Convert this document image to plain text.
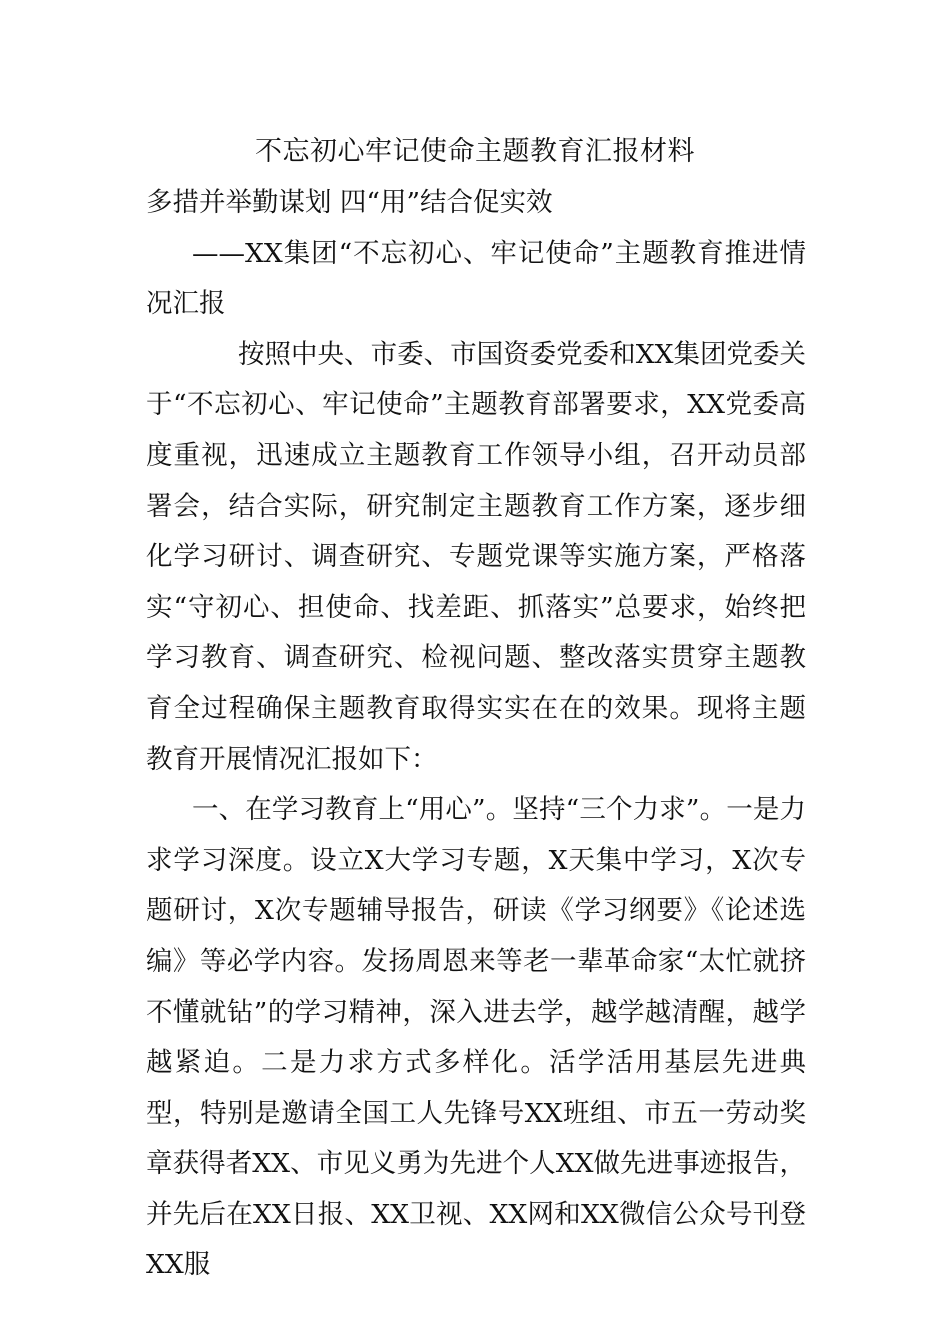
不忘初心牢记使命主题教育汇报材料

多措并举勤谋划 四“用”结合促实效

——XX集团“不忘初心、牢记使命”主题教育推进情况汇报

按照中央、市委、市国资委党委和XX集团党委关于“不忘初心、牢记使命”主题教育部署要求，XX党委高度重视，迅速成立主题教育工作领导小组，召开动员部署会，结合实际，研究制定主题教育工作方案，逐步细化学习研讨、调查研究、专题党课等实施方案，严格落实“守初心、担使命、找差距、抓落实”总要求，始终把学习教育、调查研究、检视问题、整改落实贯穿主题教育全过程确保主题教育取得实实在在的效果。现将主题教育开展情况汇报如下：

一、在学习教育上“用心”。坚持“三个力求”。一是力求学习深度。设立X大学习专题，X天集中学习，X次专题研讨，X次专题辅导报告，研读《学习纲要》《论述选编》等必学内容。发扬周恩来等老一辈革命家“太忙就挤不懂就钻”的学习精神，深入进去学，越学越清醒，越学越紧迫。二是力求方式多样化。活学活用基层先进典型，特别是邀请全国工人先锋号XX班组、市五一劳动奖章获得者XX、市见义勇为先进个人XX做先进事迹报告，并先后在XX日报、XX卫视、XX网和XX微信公众号刊登XX服
